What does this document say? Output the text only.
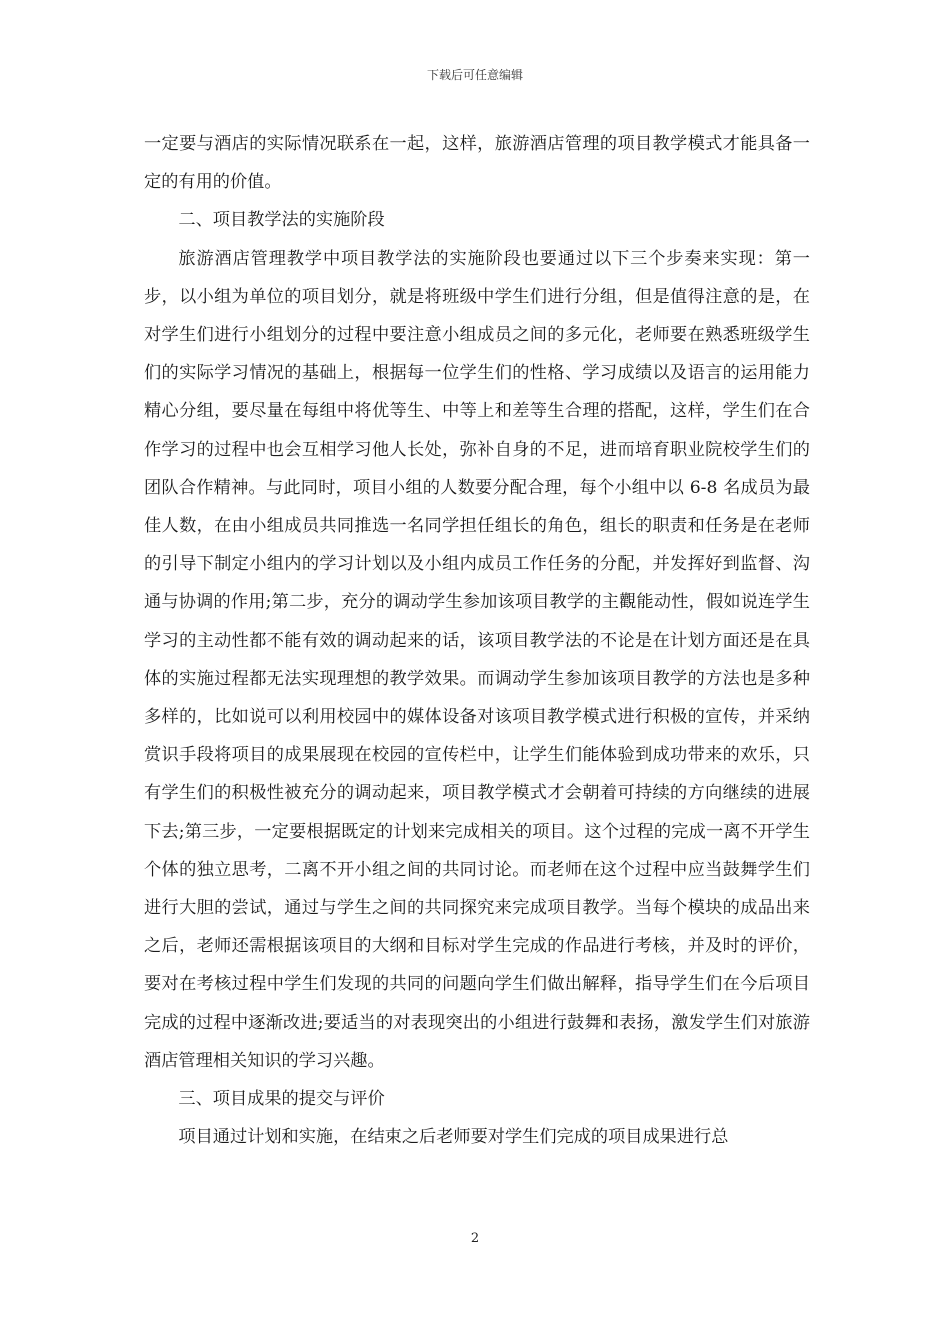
下载后可任意编辑

一定要与酒店的实际情况联系在一起，这样，旅游酒店管理的项目教学模式才能具备一定的有用的价值。

二、项目教学法的实施阶段

旅游酒店管理教学中项目教学法的实施阶段也要通过以下三个步奏来实现：第一步，以小组为单位的项目划分，就是将班级中学生们进行分组，但是值得注意的是，在对学生们进行小组划分的过程中要注意小组成员之间的多元化，老师要在熟悉班级学生们的实际学习情况的基础上，根据每一位学生们的性格、学习成绩以及语言的运用能力精心分组，要尽量在每组中将优等生、中等上和差等生合理的搭配，这样，学生们在合作学习的过程中也会互相学习他人长处，弥补自身的不足，进而培育职业院校学生们的团队合作精神。与此同时，项目小组的人数要分配合理，每个小组中以 6-8 名成员为最佳人数，在由小组成员共同推选一名同学担任组长的角色，组长的职责和任务是在老师的引导下制定小组内的学习计划以及小组内成员工作任务的分配，并发挥好到监督、沟通与协调的作用;第二步，充分的调动学生参加该项目教学的主觀能动性，假如说连学生学习的主动性都不能有效的调动起来的话，该项目教学法的不论是在计划方面还是在具体的实施过程都无法实现理想的教学效果。而调动学生参加该项目教学的方法也是多种多样的，比如说可以利用校园中的媒体设备对该项目教学模式进行积极的宣传，并采纳赏识手段将项目的成果展现在校园的宣传栏中，让学生们能体验到成功带来的欢乐，只有学生们的积极性被充分的调动起来，项目教学模式才会朝着可持续的方向继续的进展下去;第三步，一定要根据既定的计划来完成相关的项目。这个过程的完成一离不开学生个体的独立思考，二离不开小组之间的共同讨论。而老师在这个过程中应当鼓舞学生们进行大胆的尝试，通过与学生之间的共同探究来完成项目教学。当每个模块的成品出来之后，老师还需根据该项目的大纲和目标对学生完成的作品进行考核，并及时的评价，要对在考核过程中学生们发现的共同的问题向学生们做出解释，指导学生们在今后项目完成的过程中逐渐改进;要适当的对表现突出的小组进行鼓舞和表扬，激发学生们对旅游酒店管理相关知识的学习兴趣。

三、项目成果的提交与评价

项目通过计划和实施，在结束之后老师要对学生们完成的项目成果进行总

2
